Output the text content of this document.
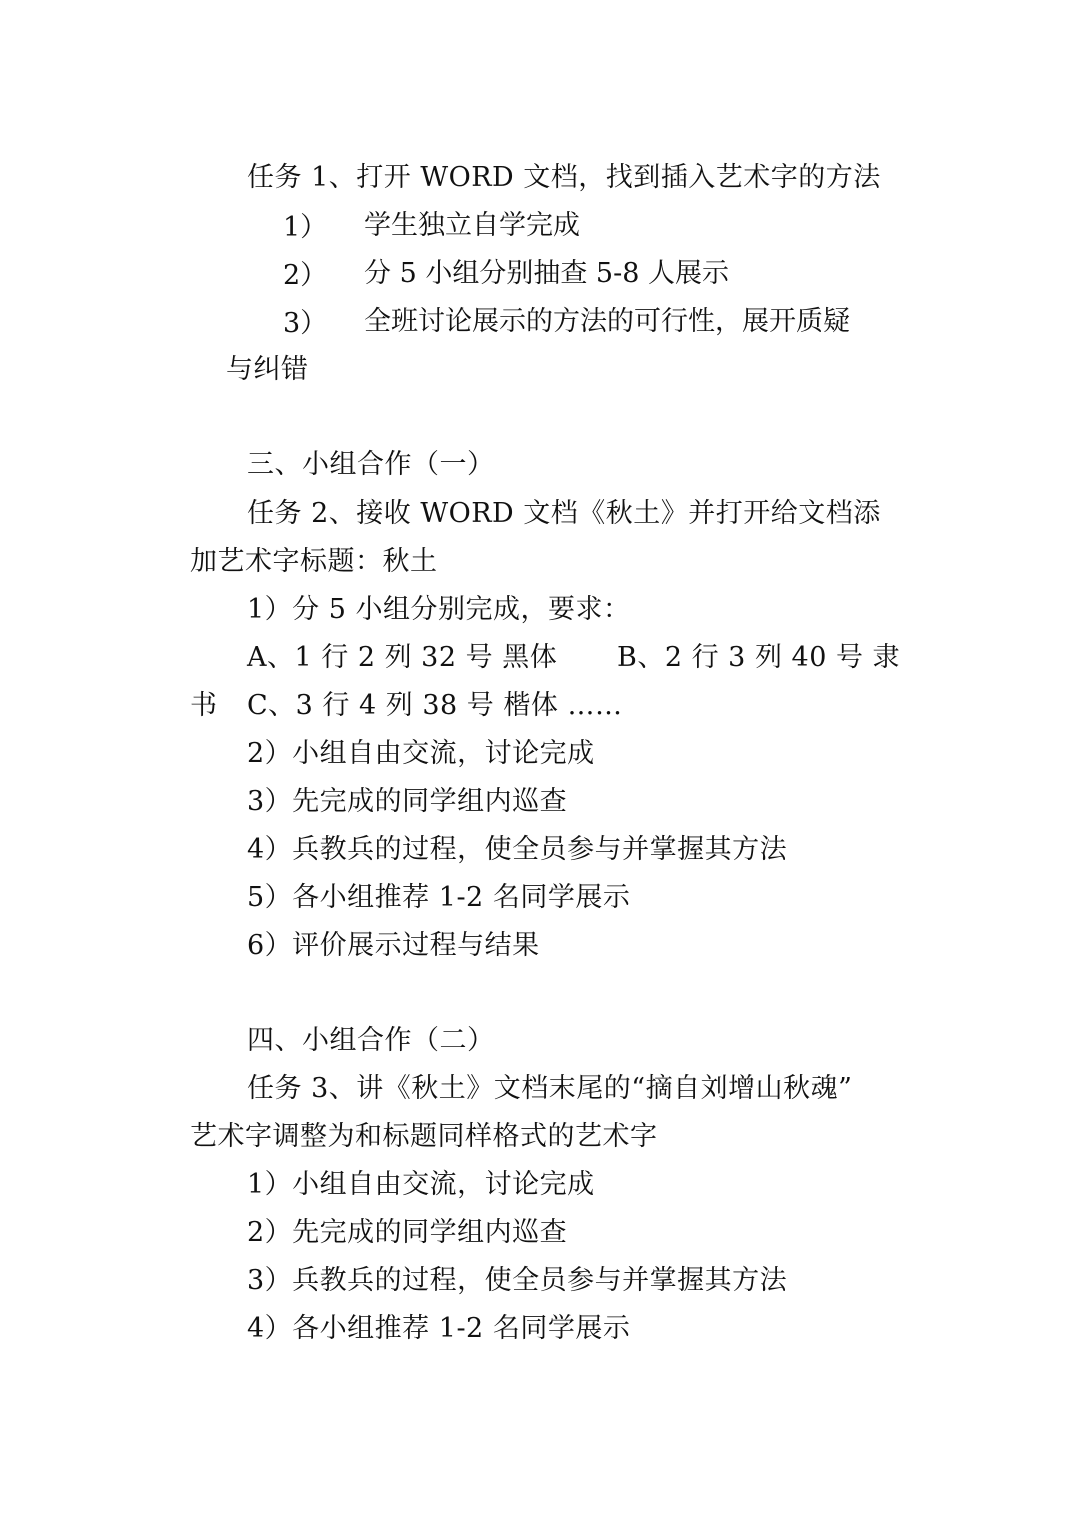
任务 1、打开 WORD 文档，找到插入艺术字的方法
1） 学生独立自学完成
2） 分 5 小组分别抽查 5-8 人展示
3） 全班讨论展示的方法的可行性，展开质疑
与纠错
三、小组合作（一）
任务 2、接收 WORD 文档《秋土》并打开给文档添
加艺术字标题：秋土
1）分 5 小组分别完成，要求：
A、1 行 2 列 32 号 黑体 B、2 行 3 列 40 号 隶
书 C、3 行 4 列 38 号 楷体 ……
2）小组自由交流，讨论完成
3）先完成的同学组内巡查
4）兵教兵的过程，使全员参与并掌握其方法
5）各小组推荐 1-2 名同学展示
6）评价展示过程与结果
四、小组合作（二）
任务 3、讲《秋土》文档末尾的“摘自刘增山秋魂”
艺术字调整为和标题同样格式的艺术字
1）小组自由交流，讨论完成
2）先完成的同学组内巡查
3）兵教兵的过程，使全员参与并掌握其方法
4）各小组推荐 1-2 名同学展示
